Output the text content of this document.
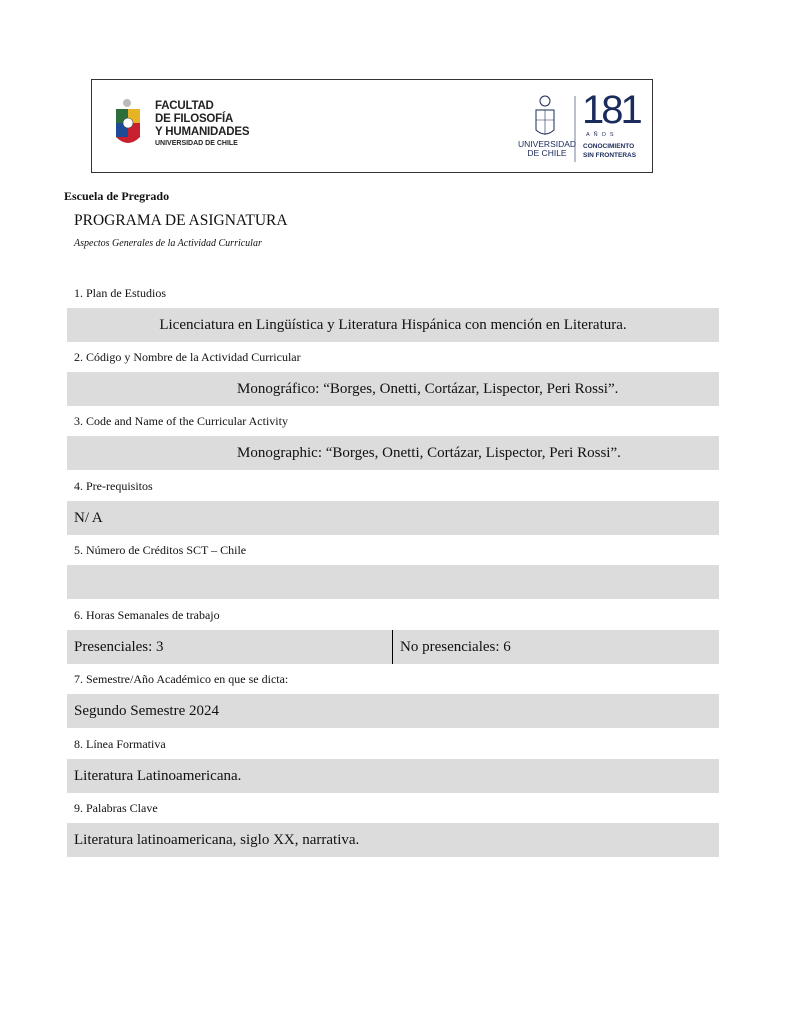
FACULTAD
DE FILOSOFÍA
Y HUMANIDADES
UNIVERSIDAD DE CHILE	UNIVERSIDAD
DE CHILE
181
AÑOS
CONOCIMIENTO
SIN FRONTERAS
Escuela de Pregrado
PROGRAMA DE ASIGNATURA
Aspectos Generales de la Actividad Curricular
1. Plan de Estudios
Licenciatura en Lingüística y Literatura Hispánica con mención en Literatura.
2. Código y Nombre de la Actividad Curricular
Monográfico: “Borges, Onetti, Cortázar, Lispector, Peri Rossi”.
3. Code and Name of the Curricular Activity
Monographic: “Borges, Onetti, Cortázar, Lispector, Peri Rossi”.
4. Pre-requisitos
N/ A
5. Número de Créditos SCT – Chile
6. Horas Semanales de trabajo
Presenciales: 3	No presenciales: 6
7. Semestre/Año Académico en que se dicta:
Segundo Semestre 2024
8. Línea Formativa
Literatura Latinoamericana.
9. Palabras Clave
Literatura latinoamericana, siglo XX, narrativa.
